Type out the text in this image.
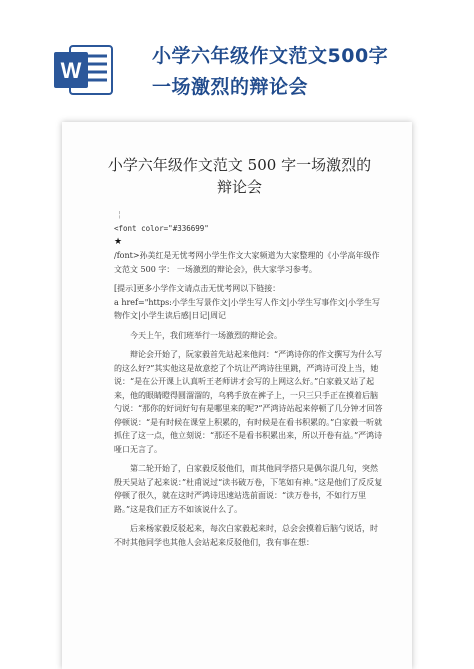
W
小学六年级作文范文500字
一场激烈的辩论会
小学六年级作文范文 500 字一场激烈的辩论会
¦
<font color="#336699"
★
/font>孙美红是无忧考网小学生作文大家频道为大家整理的《小学高年级作文范文 500 字： 一场激烈的辩论会》，供大家学习参考。
[提示]更多小学作文请点击无忧考网以下链接：
a href="https:小学生写景作文|小学生写人作文|小学生写事作文|小学生写物作文|小学生读后感|日记|周记
今天上午，我们班举行一场激烈的辩论会。
辩论会开始了，阮家毅首先站起来他问：“严鸿诗你的作文撰写为什么写的这么好?”其实他这是故意挖了个坑让严鸿诗往里跳，严鸿诗可没上当，她说：“是在公开课上认真听王老师讲才会写的上网这么好。”白家毅又站了起来，他的眼睛瞪得圆溜溜的，乌鸦手放在裤子上，一只三只手正在摸着后脑勺说：“那你的好词好句有是哪里来的呢?”严鸿诗站起来停顿了几分钟才回答停顿说：“是有时候在课堂上积累的，有时候是在看书积累的。”白家毅一听就抓住了这一点，他立刻说：“那还不是看书积累出来，所以开卷有益。”严鸿诗哑口无言了。
第二轮开始了，白家毅反驳他们，而其他同学搭只是偶尔混几句，突然殷天昊站了起来说：”杜甫说过“读书破万卷，下笔如有神。”这是他们了反反复停顿了很久，就在这时严鸿诗迅速站选前面说：“读万卷书，不如行万里路。”这是我们正方不如该说什么了。
后来杨家毅反驳起来，每次白家毅起来时，总会会摸着后脑勺说话，时不时其他同学也其他人会站起来反驳他们，我有事在想：
